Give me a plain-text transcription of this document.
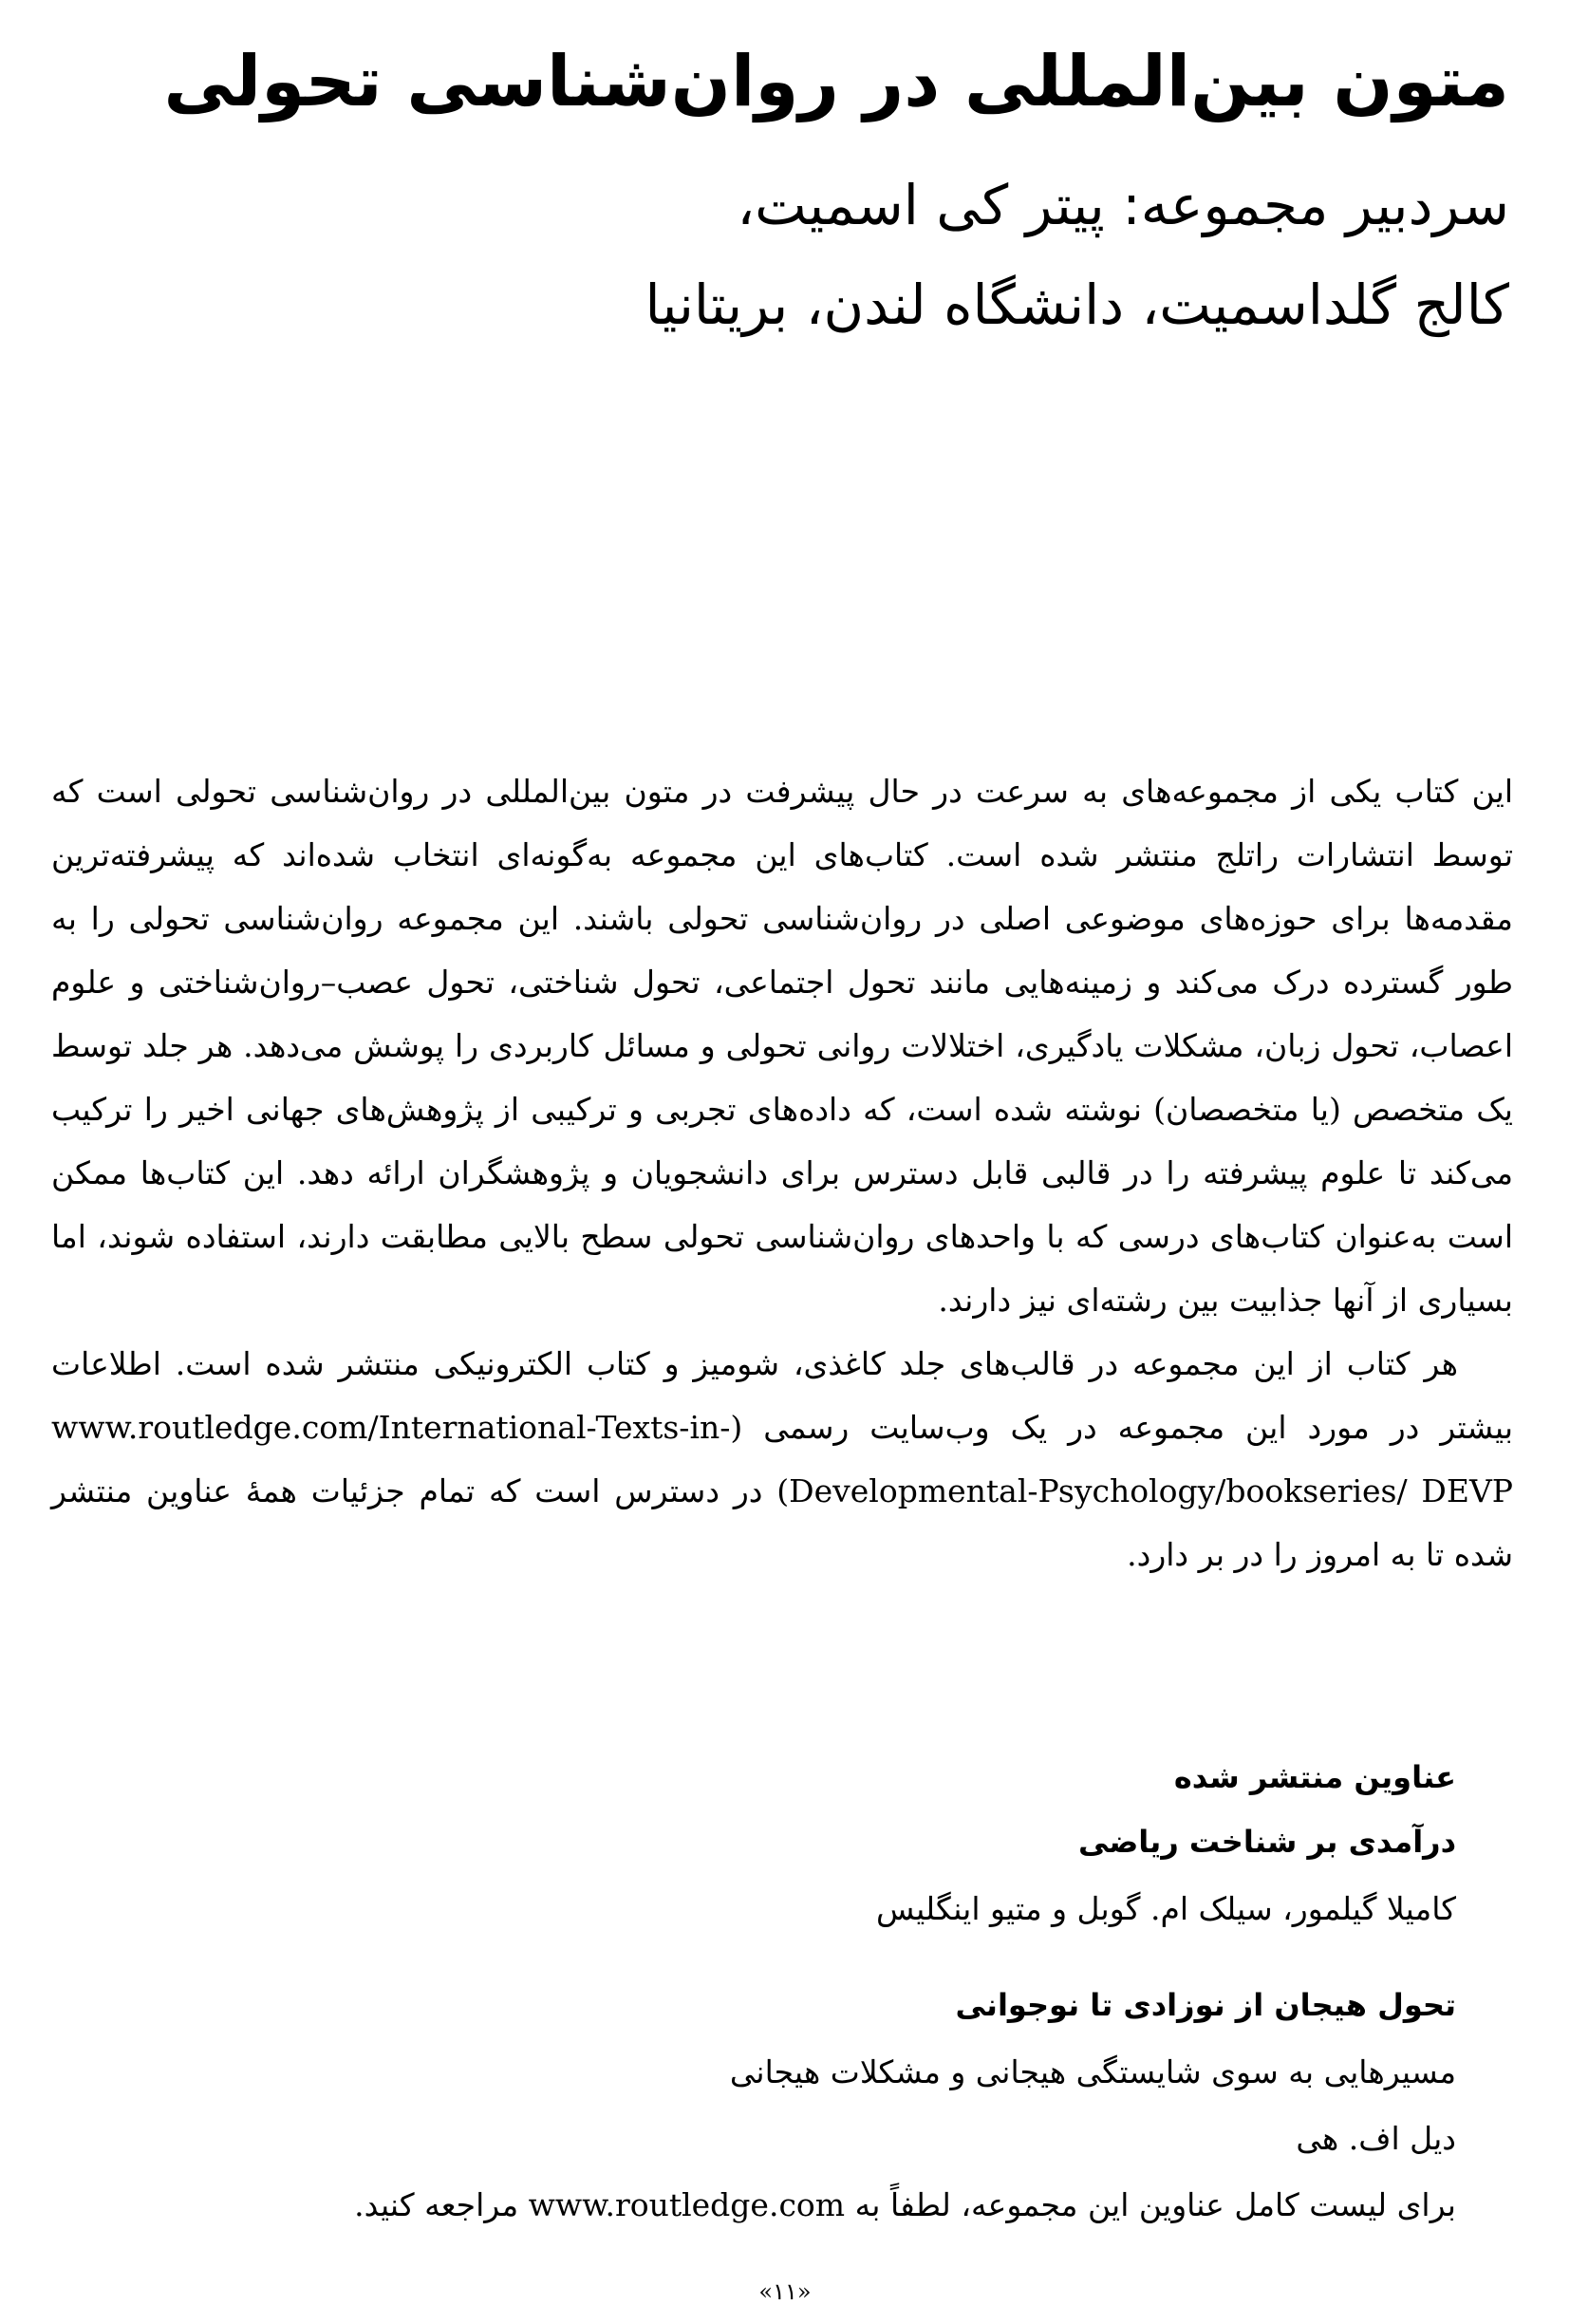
متون بین‌المللی در روان‌شناسی تحولی

سردبیر مجموعه: پیتر کی اسمیت،

کالج گلداسمیت، دانشگاه لندن، بریتانیا

این کتاب یکی از مجموعه‌های به سرعت در حال پیشرفت در متون بین‌المللی در روان‌شناسی تحولی است که توسط انتشارات راتلج منتشر شده است. کتاب‌های این مجموعه به‌گونه‌ای انتخاب شده‌اند که پیشرفته‌ترین مقدمه‌ها برای حوزه‌های موضوعی اصلی در روان‌شناسی تحولی باشند. این مجموعه روان‌شناسی تحولی را به طور گسترده درک می‌کند و زمینه‌هایی مانند تحول اجتماعی، تحول شناختی، تحول عصب–روان‌شناختی و علوم اعصاب، تحول زبان، مشکلات یادگیری، اختلالات روانی تحولی و مسائل کاربردی را پوشش می‌دهد. هر جلد توسط یک متخصص (یا متخصصان) نوشته شده است، که داده‌های تجربی و ترکیبی از پژوهش‌های جهانی اخیر را ترکیب می‌کند تا علوم پیشرفته را در قالبی قابل دسترس برای دانشجویان و پژوهشگران ارائه دهد. این کتاب‌ها ممکن است به‌عنوان کتاب‌های درسی که با واحدهای روان‌شناسی تحولی سطح بالایی مطابقت دارند، استفاده شوند، اما بسیاری از آنها جذابیت بین رشته‌ای نیز دارند.

هر کتاب از این مجموعه در قالب‌های جلد کاغذی، شومیز و کتاب الکترونیکی منتشر شده است. اطلاعات بیشتر در مورد این مجموعه در یک وب‌سایت رسمی (www.routledge.com/International-Texts-in-Developmental-Psychology/bookseries/ DEVP) در دسترس است که تمام جزئیات همهٔ عناوین منتشر شده تا به امروز را در بر دارد.

عناوین منتشر شده

درآمدی بر شناخت ریاضی

کامیلا گیلمور، سیلک ام. گوبل و متیو اینگلیس

تحول هیجان از نوزادی تا نوجوانی

مسیرهایی به سوی شایستگی هیجانی و مشکلات هیجانی

دیل اف. هی

برای لیست کامل عناوین این مجموعه، لطفاً به www.routledge.com مراجعه کنید.

«۱۱»
